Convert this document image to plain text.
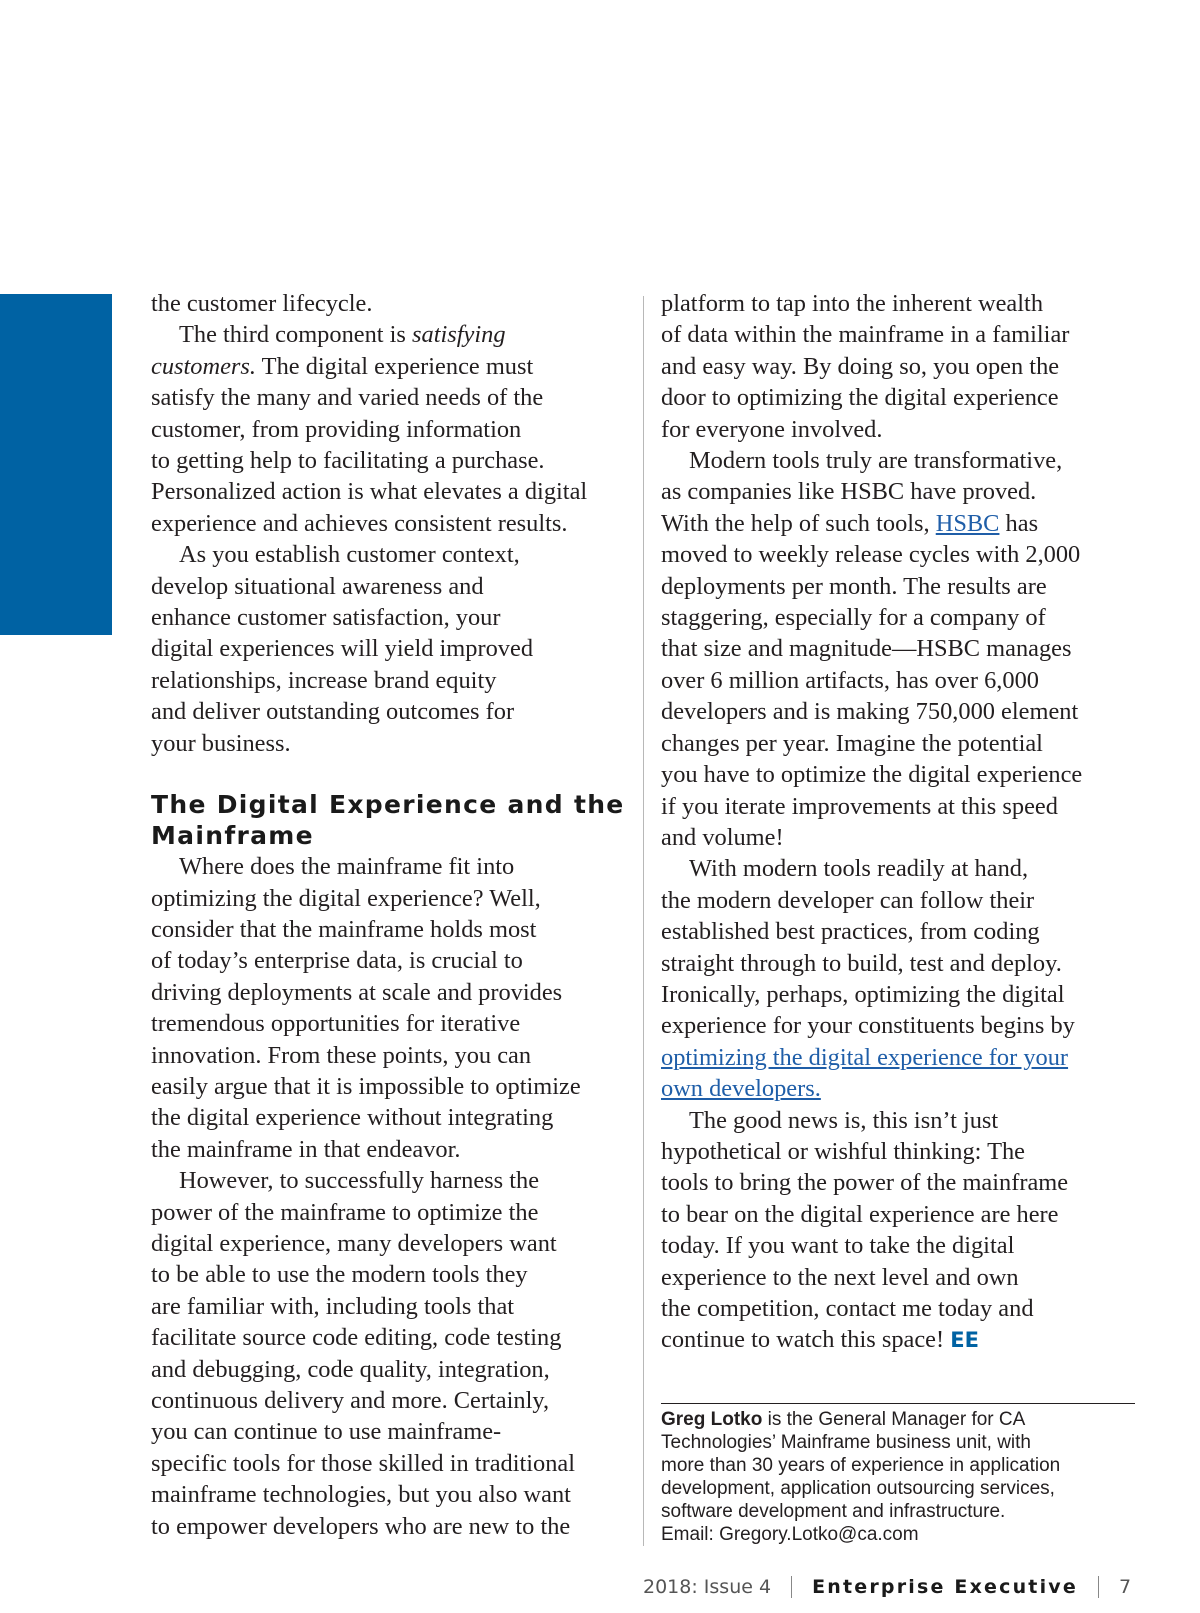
the customer lifecycle.

The third component is satisfying

customers. The digital experience must

satisfy the many and varied needs of the

customer, from providing information

to getting help to facilitating a purchase.

Personalized action is what elevates a digital

experience and achieves consistent results.

As you establish customer context,

develop situational awareness and

enhance customer satisfaction, your

digital experiences will yield improved

relationships, increase brand equity

and deliver outstanding outcomes for

your business.

The Digital Experience and the
Mainframe

Where does the mainframe fit into

optimizing the digital experience? Well,

consider that the mainframe holds most

of today’s enterprise data, is crucial to

driving deployments at scale and provides

tremendous opportunities for iterative

innovation. From these points, you can

easily argue that it is impossible to optimize

the digital experience without integrating

the mainframe in that endeavor.

However, to successfully harness the

power of the mainframe to optimize the

digital experience, many developers want

to be able to use the modern tools they

are familiar with, including tools that

facilitate source code editing, code testing

and debugging, code quality, integration,

continuous delivery and more. Certainly,

you can continue to use mainframe-

specific tools for those skilled in traditional

mainframe technologies, but you also want

to empower developers who are new to the

platform to tap into the inherent wealth

of data within the mainframe in a familiar

and easy way. By doing so, you open the

door to optimizing the digital experience

for everyone involved.

Modern tools truly are transformative,

as companies like HSBC have proved.

With the help of such tools, HSBC has

moved to weekly release cycles with 2,000

deployments per month. The results are

staggering, especially for a company of

that size and magnitude—HSBC manages

over 6 million artifacts, has over 6,000

developers and is making 750,000 element

changes per year. Imagine the potential

you have to optimize the digital experience

if you iterate improvements at this speed

and volume!

With modern tools readily at hand,

the modern developer can follow their

established best practices, from coding

straight through to build, test and deploy.

Ironically, perhaps, optimizing the digital

experience for your constituents begins by

optimizing the digital experience for your

own developers.

The good news is, this isn’t just

hypothetical or wishful thinking: The

tools to bring the power of the mainframe

to bear on the digital experience are here

today. If you want to take the digital

experience to the next level and own

the competition, contact me today and

continue to watch this space! EE

Greg Lotko is the General Manager for CA
Technologies’ Mainframe business unit, with
more than 30 years of experience in application
development, application outsourcing services,
software development and infrastructure.
Email: Gregory.Lotko@ca.com
2018: Issue 4 Enterprise Executive 7
